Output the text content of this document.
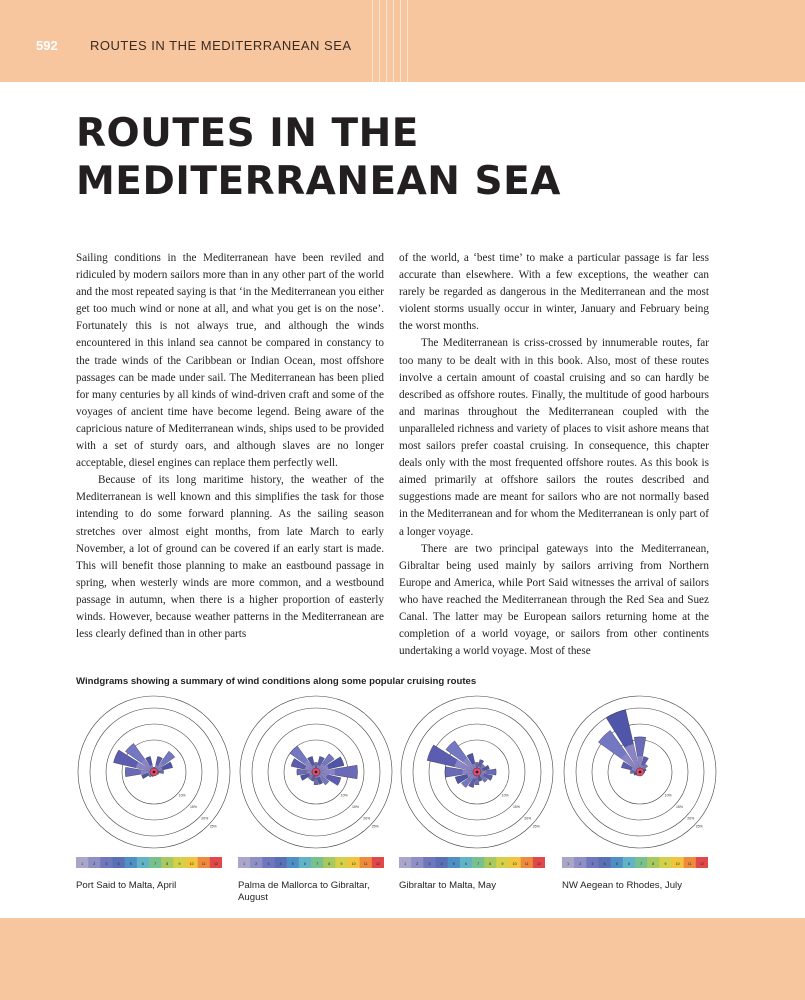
592 ROUTES IN THE MEDITERRANEAN SEA
ROUTES IN THE
MEDITERRANEAN SEA

Sailing conditions in the Mediterranean have been reviled and ridiculed by modern sailors more than in any other part of the world and the most repeated saying is that ‘in the Mediterranean you either get too much wind or none at all, and what you get is on the nose’. Fortunately this is not always true, and although the winds encountered in this inland sea cannot be compared in constancy to the trade winds of the Caribbean or Indian Ocean, most offshore passages can be made under sail. The Mediterranean has been plied for many centuries by all kinds of wind-driven craft and some of the voyages of ancient time have become legend. Being aware of the capricious nature of Mediterranean winds, ships used to be provided with a set of sturdy oars, and although slaves are no longer acceptable, diesel engines can replace them perfectly well.

Because of its long maritime history, the weather of the Mediterranean is well known and this simplifies the task for those intending to do some forward planning. As the sailing season stretches over almost eight months, from late March to early November, a lot of ground can be covered if an early start is made. This will benefit those planning to make an eastbound passage in spring, when westerly winds are more common, and a westbound passage in autumn, when there is a higher proportion of easterly winds. However, because weather patterns in the Mediterranean are less clearly defined than in other parts

of the world, a ‘best time’ to make a particular passage is far less accurate than elsewhere. With a few exceptions, the weather can rarely be regarded as dangerous in the Mediterranean and the most violent storms usually occur in winter, January and February being the worst months.

The Mediterranean is criss-crossed by innumerable routes, far too many to be dealt with in this book. Also, most of these routes involve a certain amount of coastal cruising and so can hardly be described as offshore routes. Finally, the multitude of good harbours and marinas throughout the Mediterranean coupled with the unparalleled richness and variety of places to visit ashore means that most sailors prefer coastal cruising. In consequence, this chapter deals only with the most frequented offshore routes. As this book is aimed primarily at offshore sailors the routes described and suggestions made are meant for sailors who are not normally based in the Mediterranean and for whom the Mediterranean is only part of a longer voyage.

There are two principal gateways into the Mediterranean, Gibraltar being used mainly by sailors arriving from Northern Europe and America, while Port Said witnesses the arrival of sailors who have reached the Mediterranean through the Red Sea and Suez Canal. The latter may be European sailors returning home at the completion of a world voyage, or sailors from other continents undertaking a world voyage. Most of these

Windgrams showing a summary of wind conditions along some popular cruising routes
10%
15%
20%
25%
1	2	3	4	5	6	7	8	9	10 11 12
10%
15%
20%
25%
1	2	3	4	5	6	7	8	9	10 11 12
10%
15%
20%
25%
1	2	3	4	5	6	7	8	9	10 11 12
10%
15%
20%
25%
1	2	3	4	5	6	7	8	9	10 11 12
Port Said to Malta, April	Palma de Mallorca to Gibraltar, August
Gibraltar to Malta, May	NW Aegean to Rhodes, July
